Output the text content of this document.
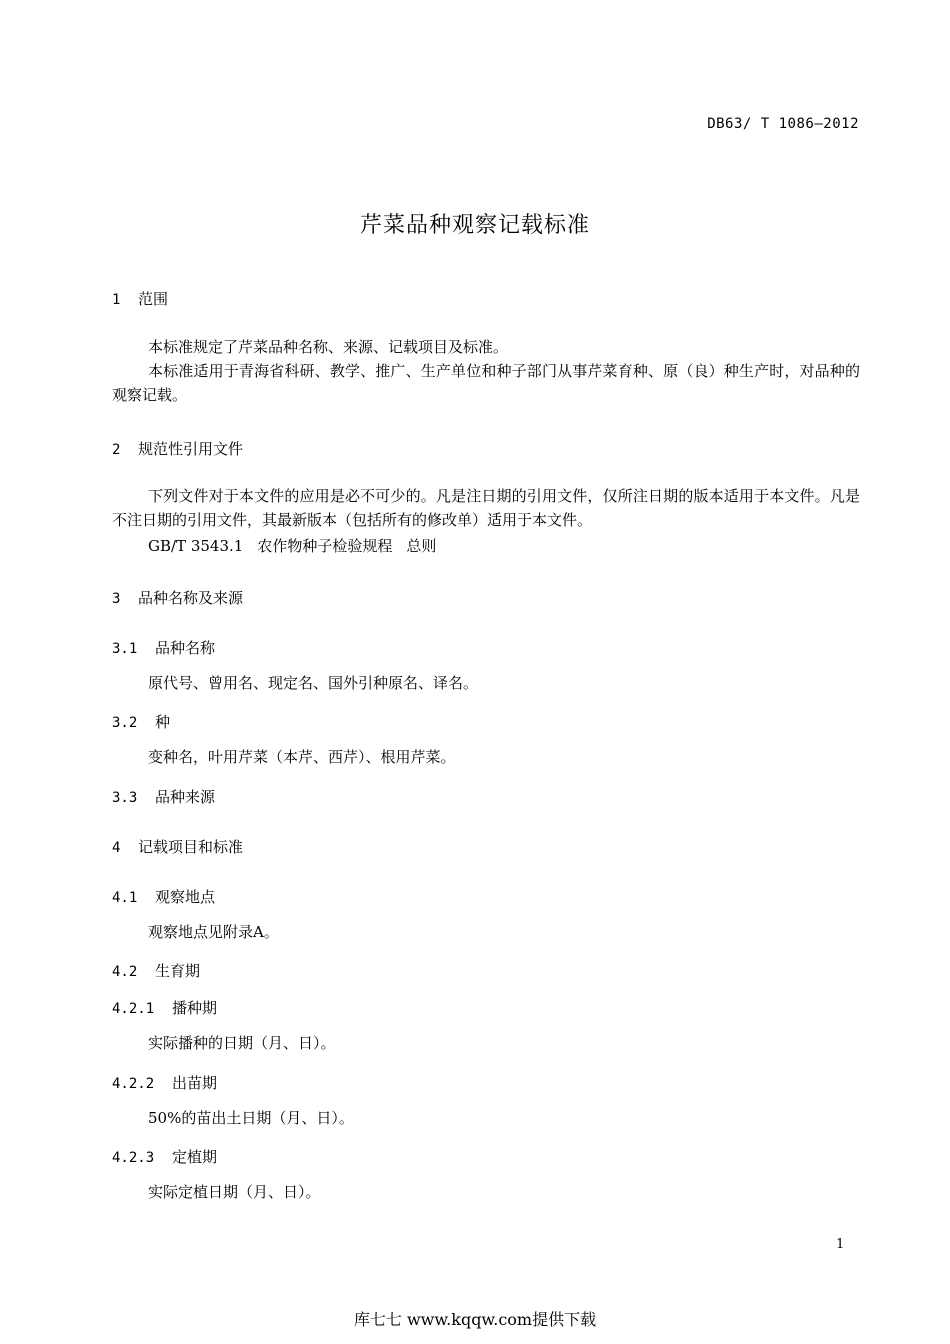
DB63/ T 1086—2012
芹菜品种观察记载标准
1 范围
本标准规定了芹菜品种名称、来源、记载项目及标准。
本标准适用于青海省科研、教学、推广、生产单位和种子部门从事芹菜育种、原（良）种生产时，对品种的观察记载。
2 规范性引用文件
下列文件对于本文件的应用是必不可少的。凡是注日期的引用文件，仅所注日期的版本适用于本文件。凡是不注日期的引用文件，其最新版本（包括所有的修改单）适用于本文件。
GB/T 3543.1 农作物种子检验规程 总则
3 品种名称及来源
3.1 品种名称
原代号、曾用名、现定名、国外引种原名、译名。
3.2 种
变种名，叶用芹菜（本芹、西芹）、根用芹菜。
3.3 品种来源
4 记载项目和标准
4.1 观察地点
观察地点见附录A。
4.2 生育期
4.2.1 播种期
实际播种的日期（月、日）。
4.2.2 出苗期
50%的苗出土日期（月、日）。
4.2.3 定植期
实际定植日期（月、日）。
1
库七七 www.kqqw.com提供下载
